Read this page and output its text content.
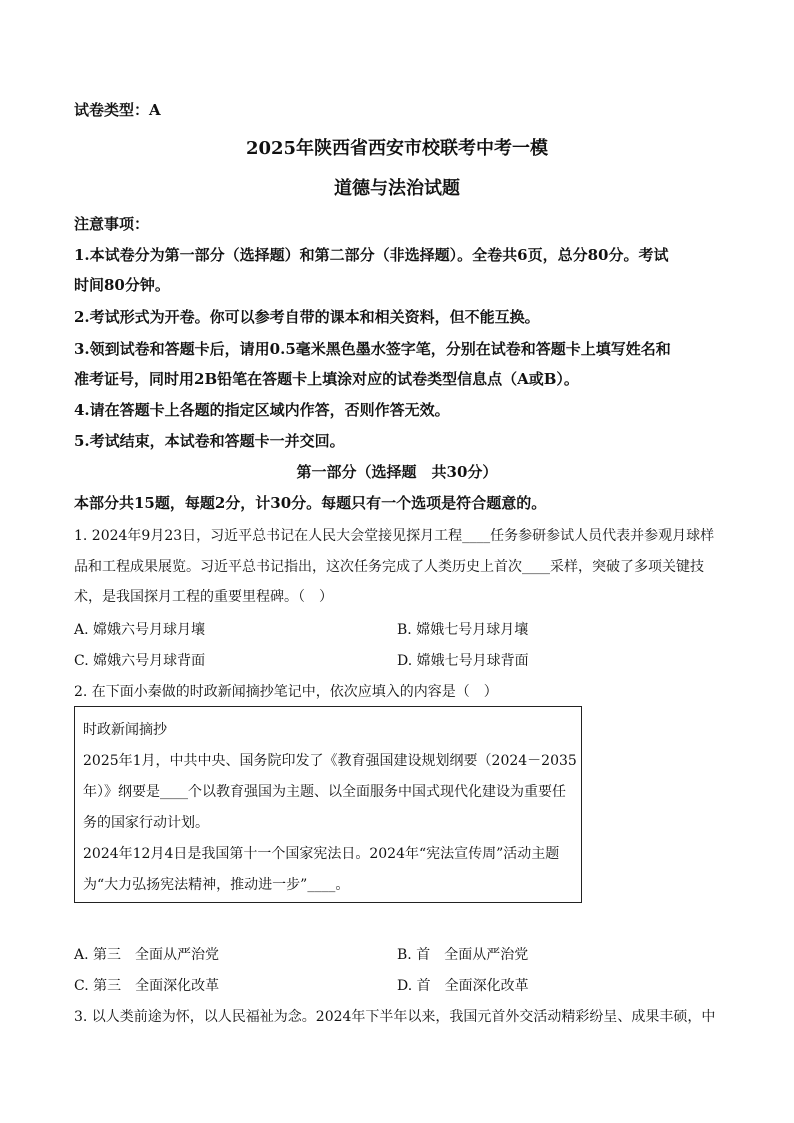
试卷类型：A
2025年陕西省西安市校联考中考一模
道德与法治试题
注意事项：
1.本试卷分为第一部分（选择题）和第二部分（非选择题）。全卷共6页，总分80分。考试
时间80分钟。
2.考试形式为开卷。你可以参考自带的课本和相关资料，但不能互换。
3.领到试卷和答题卡后，请用0.5毫米黑色墨水签字笔，分别在试卷和答题卡上填写姓名和
准考证号，同时用2B铅笔在答题卡上填涂对应的试卷类型信息点（A或B）。
4.请在答题卡上各题的指定区域内作答，否则作答无效。
5.考试结束，本试卷和答题卡一并交回。
第一部分（选择题　共30分）
本部分共15题，每题2分，计30分。每题只有一个选项是符合题意的。
1. 2024年9月23日，习近平总书记在人民大会堂接见探月工程____任务参研参试人员代表并参观月球样
品和工程成果展览。习近平总书记指出，这次任务完成了人类历史上首次____采样，突破了多项关键技
术，是我国探月工程的重要里程碑。（　）
A. 嫦娥六号月球月壤	B. 嫦娥七号月球月壤
C. 嫦娥六号月球背面	D. 嫦娥七号月球背面
2. 在下面小秦做的时政新闻摘抄笔记中，依次应填入的内容是（　）
时政新闻摘抄
2025年1月，中共中央、国务院印发了《教育强国建设规划纲要（2024－2035
年）》纲要是____个以教育强国为主题、以全面服务中国式现代化建设为重要任
务的国家行动计划。
2024年12月4日是我国第十一个国家宪法日。2024年“宪法宣传周”活动主题
为“大力弘扬宪法精神，推动进一步”____。
A. 第三　全面从严治党	B. 首　全面从严治党
C. 第三　全面深化改革	D. 首　全面深化改革
3. 以人类前途为怀，以人民福祉为念。2024年下半年以来，我国元首外交活动精彩纷呈、成果丰硕，中
